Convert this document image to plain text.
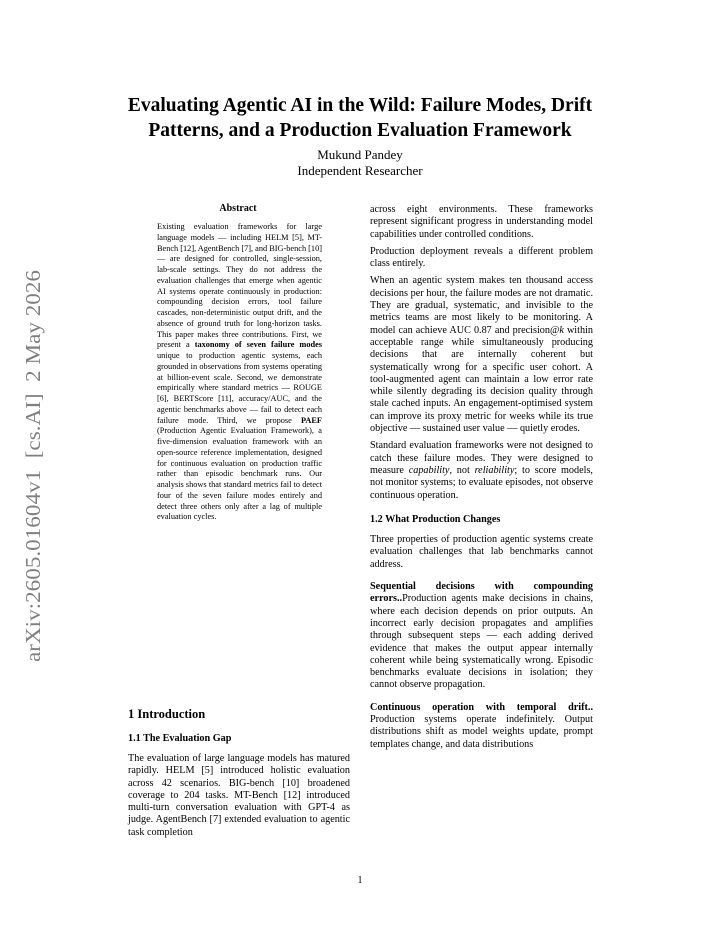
arXiv:2605.01604v1  [cs.AI]  2 May 2026
Evaluating Agentic AI in the Wild: Failure Modes, Drift Patterns, and a Production Evaluation Framework

Mukund Pandey

Independent Researcher

Abstract

Existing evaluation frameworks for large language models — including HELM [5], MT-Bench [12], AgentBench [7], and BIG-bench [10] — are designed for controlled, single-session, lab-scale settings. They do not address the evaluation challenges that emerge when agentic AI systems operate continuously in production: compounding decision errors, tool failure cascades, non-deterministic output drift, and the absence of ground truth for long-horizon tasks. This paper makes three contributions. First, we present a taxonomy of seven failure modes unique to production agentic systems, each grounded in observations from systems operating at billion-event scale. Second, we demonstrate empirically where standard metrics — ROUGE [6], BERTScore [11], accuracy/AUC, and the agentic benchmarks above — fail to detect each failure mode. Third, we propose PAEF (Production Agentic Evaluation Framework), a five-dimension evaluation framework with an open-source reference implementation, designed for continuous evaluation on production traffic rather than episodic benchmark runs. Our analysis shows that standard metrics fail to detect four of the seven failure modes entirely and detect three others only after a lag of multiple evaluation cycles.

1 Introduction
1.1 The Evaluation Gap

The evaluation of large language models has matured rapidly. HELM [5] introduced holistic evaluation across 42 scenarios. BIG-bench [10] broadened coverage to 204 tasks. MT-Bench [12] introduced multi-turn conversation evaluation with GPT-4 as judge. AgentBench [7] extended evaluation to agentic task completion

across eight environments. These frameworks represent significant progress in understanding model capabilities under controlled conditions.

Production deployment reveals a different problem class entirely.

When an agentic system makes ten thousand access decisions per hour, the failure modes are not dramatic. They are gradual, systematic, and invisible to the metrics teams are most likely to be monitoring. A model can achieve AUC 0.87 and precision@k within acceptable range while simultaneously producing decisions that are internally coherent but systematically wrong for a specific user cohort. A tool-augmented agent can maintain a low error rate while silently degrading its decision quality through stale cached inputs. An engagement-optimised system can improve its proxy metric for weeks while its true objective — sustained user value — quietly erodes.

Standard evaluation frameworks were not designed to catch these failure modes. They were designed to measure capability, not reliability; to score models, not monitor systems; to evaluate episodes, not observe continuous operation.

1.2 What Production Changes

Three properties of production agentic systems create evaluation challenges that lab benchmarks cannot address.

Sequential decisions with compounding errors..Production agents make decisions in chains, where each decision depends on prior outputs. An incorrect early decision propagates and amplifies through subsequent steps — each adding derived evidence that makes the output appear internally coherent while being systematically wrong. Episodic benchmarks evaluate decisions in isolation; they cannot observe propagation.

Continuous operation with temporal drift.. Production systems operate indefinitely. Output distributions shift as model weights update, prompt templates change, and data distributions

1
